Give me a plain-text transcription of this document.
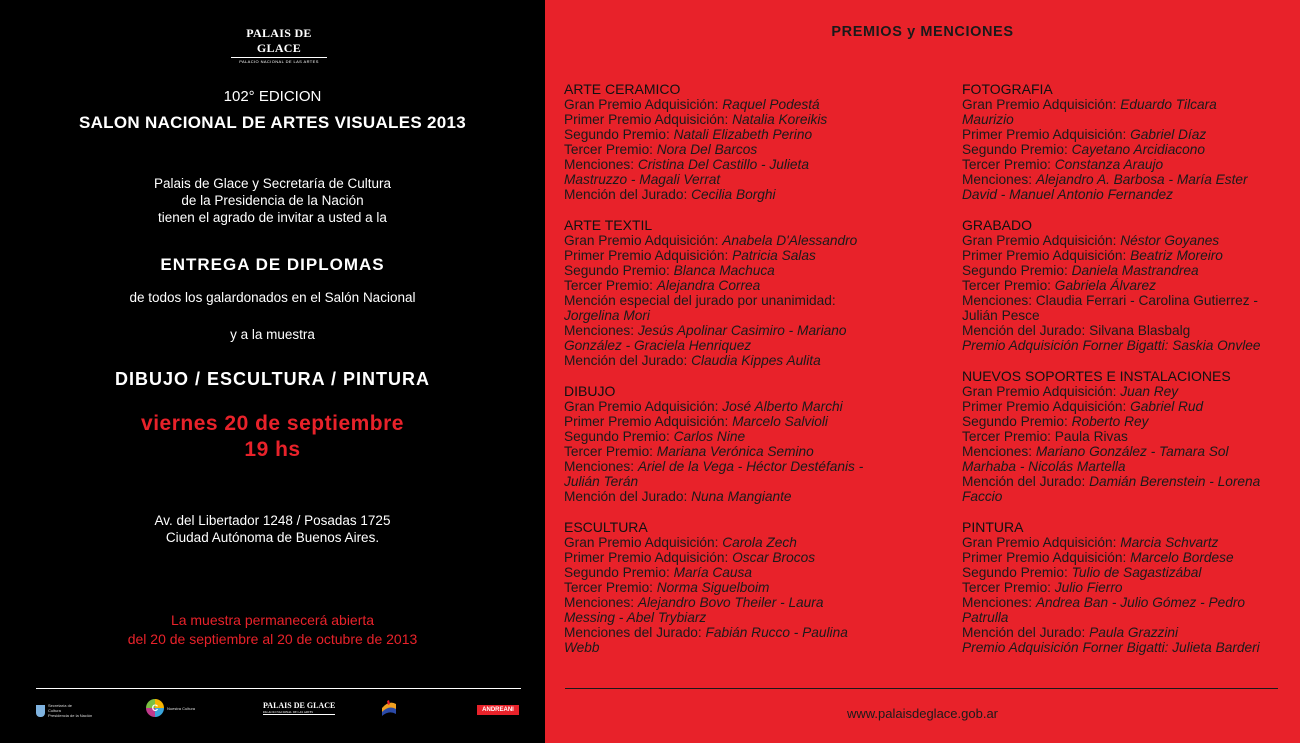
PALAIS DE GLACE
PALACIO NACIONAL DE LAS ARTES
102° EDICION
SALON NACIONAL DE ARTES VISUALES 2013
Palais de Glace y Secretaría de Cultura
de la Presidencia de la Nación
tienen el agrado de invitar a usted a la
ENTREGA DE DIPLOMAS
de todos los galardonados en el Salón Nacional
y a la muestra
DIBUJO / ESCULTURA / PINTURA
viernes 20 de septiembre
19 hs
Av. del Libertador 1248 / Posadas 1725
Ciudad Autónoma de Buenos Aires.
La muestra permanecerá abierta
del 20 de septiembre al 20 de octubre de 2013
Secretaría de
Cultura
Presidencia de la Nación
C Nuestra Cultura	PALAIS DE GLACE
PALACIO NACIONAL DE LAS ARTES	ANDREANI
PREMIOS y MENCIONES
ARTE CERAMICO

Gran Premio Adquisición: Raquel Podestá

Primer Premio Adquisición: Natalia Koreikis

Segundo Premio: Natali Elizabeth Perino

Tercer Premio: Nora Del Barcos

Menciones: Cristina Del Castillo - Julieta

Mastruzzo - Magali Verrat

Mención del Jurado: Cecilia Borghi

ARTE TEXTIL

Gran Premio Adquisición: Anabela D'Alessandro

Primer Premio Adquisición: Patricia Salas

Segundo Premio: Blanca Machuca

Tercer Premio: Alejandra Correa

Mención especial del jurado por unanimidad:

Jorgelina Mori

Menciones: Jesús Apolinar Casimiro - Mariano

González - Graciela Henriquez

Mención del Jurado: Claudia Kippes Aulita

DIBUJO

Gran Premio Adquisición: José Alberto Marchi

Primer Premio Adquisición: Marcelo Salvioli

Segundo Premio: Carlos Nine

Tercer Premio: Mariana Verónica Semino

Menciones: Ariel de la Vega - Héctor Destéfanis -

Julián Terán

Mención del Jurado: Nuna Mangiante

ESCULTURA

Gran Premio Adquisición: Carola Zech

Primer Premio Adquisición: Oscar Brocos

Segundo Premio: María Causa

Tercer Premio: Norma Siguelboim

Menciones: Alejandro Bovo Theiler - Laura

Messing - Abel Trybiarz

Menciones del Jurado: Fabián Rucco - Paulina

Webb

FOTOGRAFIA

Gran Premio Adquisición: Eduardo Tilcara

Maurizio

Primer Premio Adquisición: Gabriel Díaz

Segundo Premio: Cayetano Arcidiacono

Tercer Premio: Constanza Araujo

Menciones: Alejandro A. Barbosa - María Ester

David - Manuel Antonio Fernandez

GRABADO

Gran Premio Adquisición: Néstor Goyanes

Primer Premio Adquisición: Beatriz Moreiro

Segundo Premio: Daniela Mastrandrea

Tercer Premio: Gabriela Álvarez

Menciones: Claudia Ferrari - Carolina Gutierrez -

Julián Pesce

Mención del Jurado: Silvana Blasbalg

Premio Adquisición Forner Bigatti: Saskia Onvlee

NUEVOS SOPORTES E INSTALACIONES

Gran Premio Adquisición: Juan Rey

Primer Premio Adquisición: Gabriel Rud

Segundo Premio: Roberto Rey

Tercer Premio: Paula Rivas

Menciones: Mariano González - Tamara Sol

Marhaba - Nicolás Martella

Mención del Jurado: Damián Berenstein - Lorena

Faccio

PINTURA

Gran Premio Adquisición: Marcia Schvartz

Primer Premio Adquisición: Marcelo Bordese

Segundo Premio: Tulio de Sagastizábal

Tercer Premio: Julio Fierro

Menciones: Andrea Ban - Julio Gómez - Pedro

Patrulla

Mención del Jurado: Paula Grazzini

Premio Adquisición Forner Bigatti: Julieta Barderi

www.palaisdeglace.gob.ar
